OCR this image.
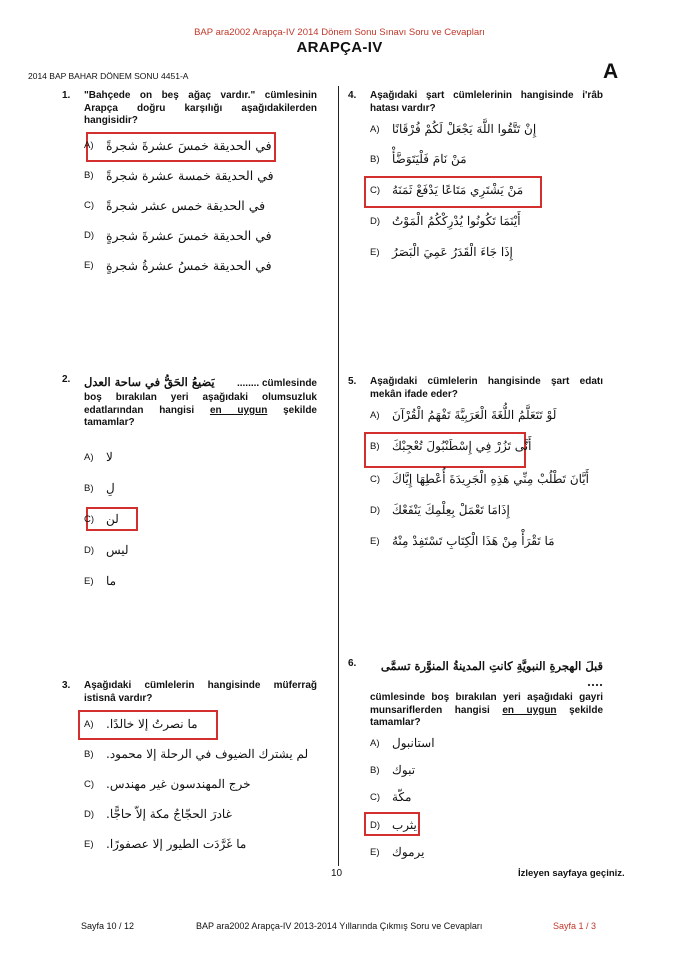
BAP ara2002 Arapça-IV 2014 Dönem Sonu Sınavı Soru ve Cevapları
ARAPÇA-IV
2014 BAP BAHAR DÖNEM SONU 4451-A	A
1. "Bahçede on beş ağaç vardır." cümlesinin Arapça doğru karşılığı aşağıdakilerden hangisidir?
A)	في الحديقة خمسَ عشرةَ شجرةً
B)	في الحديقة خمسة عشرة شجرةً
C) في الحديقة خمس عشر شجرةً
D) في الحديقة خمسَ عشرةَ شجرةٍ
E)	في الحديقة خمسُ عشرةُ شجرةٍ
2. يَضيعُ الحَقُّ في ساحة العدل ........ cümlesinde
boş bırakılan yeri aşağıdaki olumsuzluk edatlarından hangisi en uygun şekilde tamamlar?
A)	لا
B)	لِ
C) لن
D) ليس
E)	ما
3. Aşağıdaki cümlelerin hangisinde müferrağ istisnâ vardır?
A)	ما نصرتُ إلا خالدًا.
B)	لم يشترك الضيوف في الرحلة إلا محمود.
C) خرج المهندسون غير مهندس.
D) غادرَ الحجّاجُ مكة إلاّ حاجًّا.
E)	ما غَرَّدَت الطيور إلا عصفورًا.
4. Aşağıdaki şart cümlelerinin hangisinde i'râb hatası vardır?
A)	إِنْ تَتَّقُوا اللَّهَ يَجْعَلْ لَكُمْ فُرْقَانًا
B)	مَنْ نَامَ فَلْيَتَوَضَّأْ
C) مَنْ يَشْتَرِي مَتَاعًا يَدْفَعْ ثَمَنَهُ
D) أَيْنَمَا تَكُونُوا يُدْرِكْكُمُ الْمَوْتُ
E)	إِذَا جَاءَ الْقَدَرُ عَمِيَ الْبَصَرُ
5. Aşağıdaki cümlelerin hangisinde şart edatı mekân ifade eder?
A)	لَوْ تَتَعَلَّمُ اللُّغَةَ الْعَرَبِيَّةَ تَفْهَمُ الْقُرْآنَ
B)	أَنَّى تَزُرْ فِي إِسْطَنْبُولَ تُعْجِبْكَ
C) أَيَّانَ تَطْلُبْ مِنِّي هَذِهِ الْجَرِيدَةَ أُعْطِهَا إِيَّاكَ
D) إِذَامَا تَعْمَلْ بِعِلْمِكَ يَنْفَعْكَ
E)	مَا تَقْرَأْ مِنْ هَذَا الْكِتَابِ تَسْتَفِدْ مِنْهُ
6.	قبلَ الهجرةِ النبويَّةِ كانتِ المدينةُ المنوَّرة تسمَّى ....
cümlesinde boş bırakılan yeri aşağıdaki gayri munsariflerden hangisi en uygun şekilde tamamlar?
A)	استانبول
B)	تبوك
C) مكّة
D) يثرب
E)	يرموك
10	İzleyen sayfaya geçiniz.
Sayfa 10 / 12	BAP ara2002 Arapça-IV 2013-2014 Yıllarında Çıkmış Soru ve Cevapları	Sayfa 1 / 3
